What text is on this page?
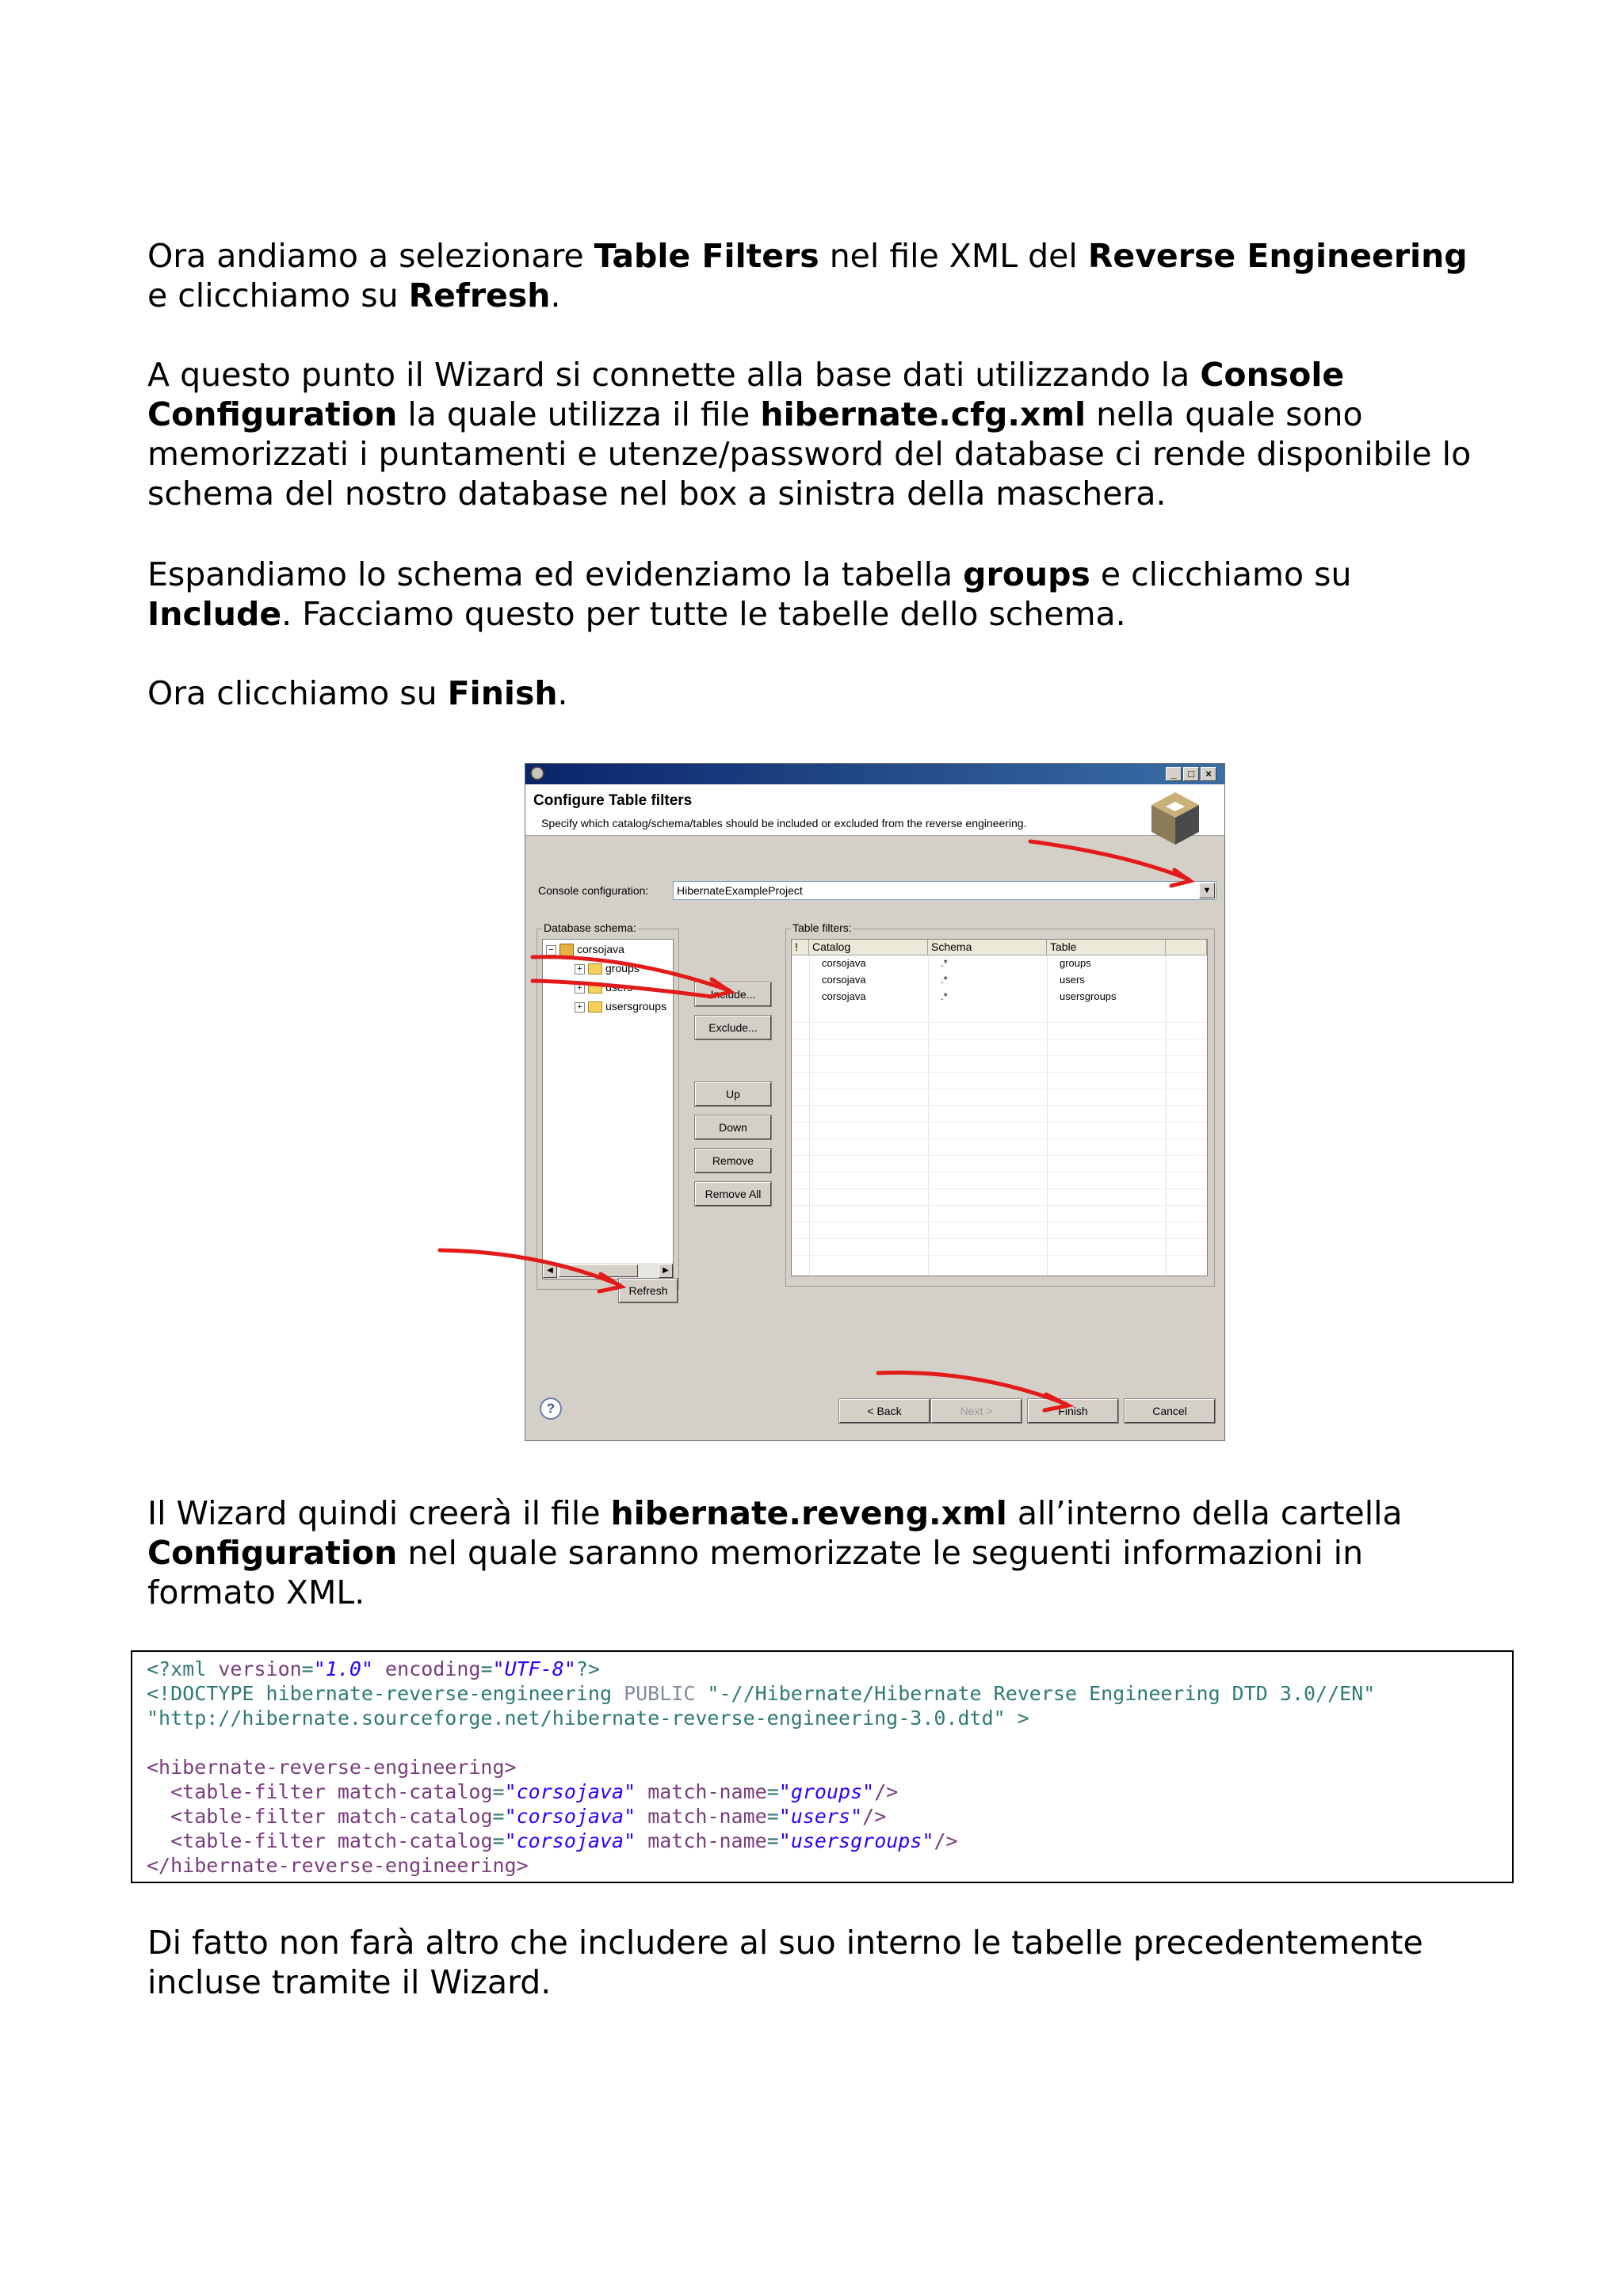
Ora andiamo a selezionare Table Filters nel file XML del Reverse Engineering e clicchiamo su Refresh.

A questo punto il Wizard si connette alla base dati utilizzando la Console Configuration la quale utilizza il file hibernate.cfg.xml nella quale sono memorizzati i puntamenti e utenze/password del database ci rende disponibile lo schema del nostro database nel box a sinistra della maschera.

Espandiamo lo schema ed evidenziamo la tabella groups e clicchiamo su Include. Facciamo questo per tutte le tabelle dello schema.

Ora clicchiamo su Finish.

_	□	×
Configure Table filters
Specify which catalog/schema/tables should be included or excluded from the reverse engineering.
Console configuration:	HibernateExampleProject	▼
Database schema:
− corsojava
+ groups
+ users
+ usersgroups
◀	▶
Include...
Exclude...
Up
Down
Remove
Remove All
Table filters:
!	Catalog	Schema	Table
corsojava	.*	groups
corsojava	.*	users
corsojava	.*	usersgroups
Refresh
?	< Back	Next >	Finish	Cancel

Il Wizard quindi creerà il file hibernate.reveng.xml all’interno della cartella Configuration nel quale saranno memorizzate le seguenti informazioni in formato XML.

<?xml version="1.0" encoding="UTF-8"?>
<!DOCTYPE hibernate-reverse-engineering PUBLIC "-//Hibernate/Hibernate Reverse Engineering DTD 3.0//EN"
"http://hibernate.sourceforge.net/hibernate-reverse-engineering-3.0.dtd" >
<hibernate-reverse-engineering>
<table-filter match-catalog="corsojava" match-name="groups"/>
<table-filter match-catalog="corsojava" match-name="users"/>
<table-filter match-catalog="corsojava" match-name="usersgroups"/>
</hibernate-reverse-engineering>

Di fatto non farà altro che includere al suo interno le tabelle precedentemente incluse tramite il Wizard.
